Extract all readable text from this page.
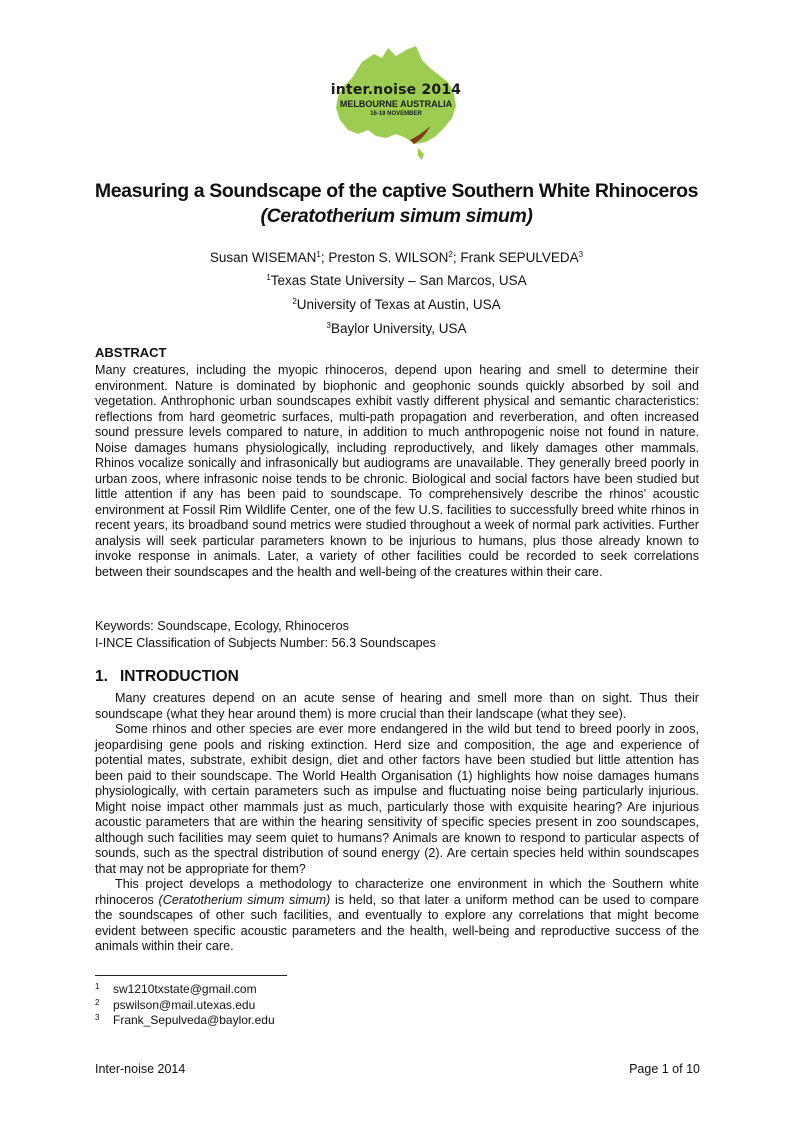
inter.noise 2014
MELBOURNE AUSTRALIA
16-19 NOVEMBER
Measuring a Soundscape of the captive Southern White Rhinoceros
(Ceratotherium simum simum)
Susan WISEMAN$^1$; Preston S. WILSON$^2$; Frank SEPULVEDA$^3$
$^1$Texas State University – San Marcos, USA
$^2$University of Texas at Austin, USA
$^3$Baylor University, USA
ABSTRACT

Many creatures, including the myopic rhinoceros, depend upon hearing and smell to determine their environment. Nature is dominated by biophonic and geophonic sounds quickly absorbed by soil and vegetation. Anthrophonic urban soundscapes exhibit vastly different physical and semantic characteristics: reflections from hard geometric surfaces, multi-path propagation and reverberation, and often increased sound pressure levels compared to nature, in addition to much anthropogenic noise not found in nature. Noise damages humans physiologically, including reproductively, and likely damages other mammals. Rhinos vocalize sonically and infrasonically but audiograms are unavailable. They generally breed poorly in urban zoos, where infrasonic noise tends to be chronic. Biological and social factors have been studied but little attention if any has been paid to soundscape. To comprehensively describe the rhinos’ acoustic environment at Fossil Rim Wildlife Center, one of the few U.S. facilities to successfully breed white rhinos in recent years, its broadband sound metrics were studied throughout a week of normal park activities. Further analysis will seek particular parameters known to be injurious to humans, plus those already known to invoke response in animals. Later, a variety of other facilities could be recorded to seek correlations between their soundscapes and the health and well-being of the creatures within their care.

Keywords: Soundscape, Ecology, Rhinoceros
I-INCE Classification of Subjects Number: 56.3 Soundscapes
1. INTRODUCTION

Many creatures depend on an acute sense of hearing and smell more than on sight. Thus their soundscape (what they hear around them) is more crucial than their landscape (what they see).

Some rhinos and other species are ever more endangered in the wild but tend to breed poorly in zoos, jeopardising gene pools and risking extinction. Herd size and composition, the age and experience of potential mates, substrate, exhibit design, diet and other factors have been studied but little attention has been paid to their soundscape. The World Health Organisation (1) highlights how noise damages humans physiologically, with certain parameters such as impulse and fluctuating noise being particularly injurious. Might noise impact other mammals just as much, particularly those with exquisite hearing? Are injurious acoustic parameters that are within the hearing sensitivity of specific species present in zoo soundscapes, although such facilities may seem quiet to humans? Animals are known to respond to particular aspects of sounds, such as the spectral distribution of sound energy (2). Are certain species held within soundscapes that may not be appropriate for them?

This project develops a methodology to characterize one environment in which the Southern white rhinoceros (Ceratotherium simum simum) is held, so that later a uniform method can be used to compare the soundscapes of other such facilities, and eventually to explore any correlations that might become evident between specific acoustic parameters and the health, well-being and reproductive success of the animals within their care.

1 sw1210txstate@gmail.com
2 pswilson@mail.utexas.edu
3 Frank_Sepulveda@baylor.edu
Inter-noise 2014	Page 1 of 10
